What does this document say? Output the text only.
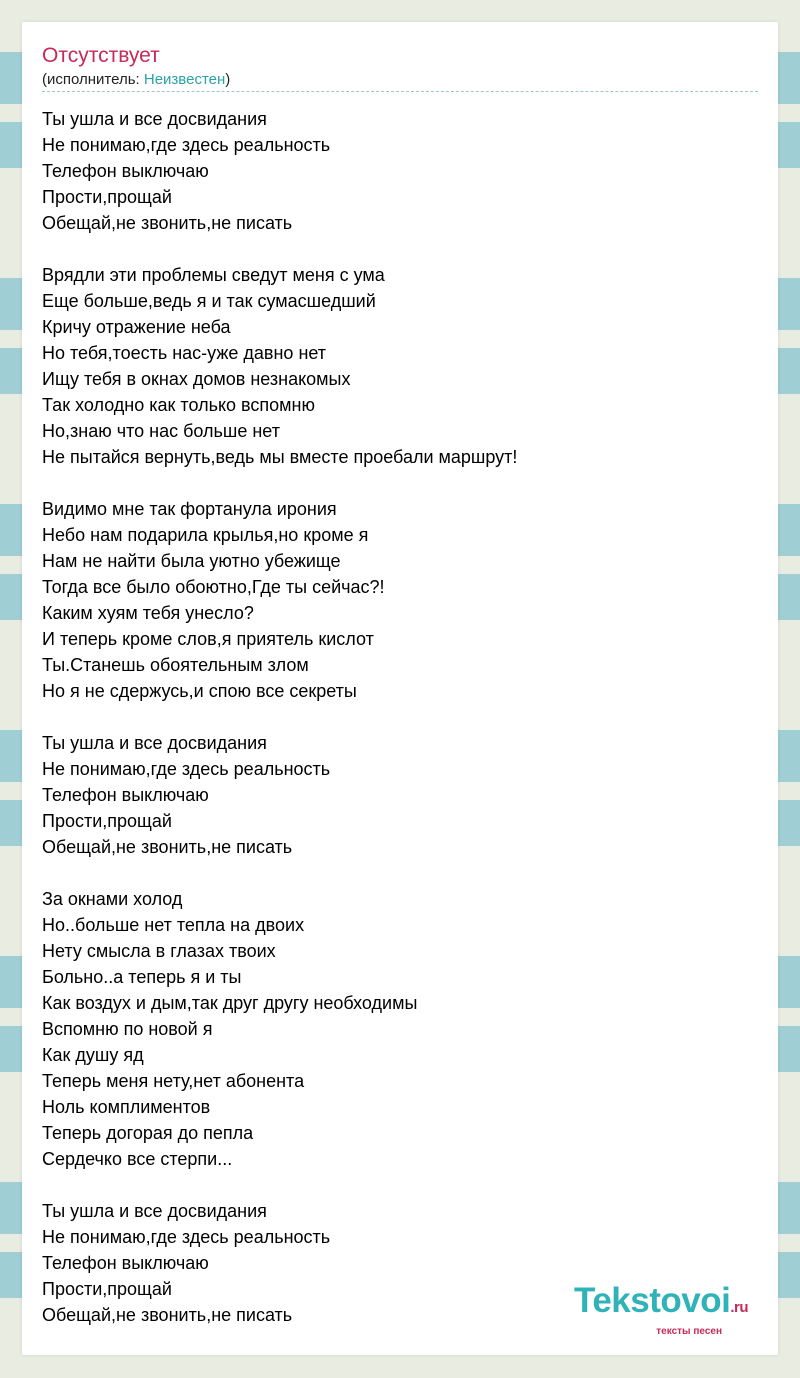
Отсутствует
(исполнитель: Неизвестен)
Ты ушла и все досвидания
Не понимаю,где здесь реальность
Телефон выключаю
Прости,прощай
Обещай,не звонить,не писать
Врядли эти проблемы сведут меня с ума
Еще больше,ведь я и так сумасшедший
Кричу отражение неба
Но тебя,тоесть нас-уже давно нет
Ищу тебя в окнах домов незнакомых
Так холодно как только вспомню
Но,знаю что нас больше нет
Не пытайся вернуть,ведь мы вместе проебали маршрут!
Видимо мне так фортанула ирония
Небо нам подарила крылья,но кроме я
Нам не найти была уютно убежище
Тогда все было обоютно,Где ты сейчас?!
Каким хуям тебя унесло?
И теперь кроме слов,я приятель кислот
Ты.Станешь обоятельным злом
Но я не сдержусь,и спою все секреты
Ты ушла и все досвидания
Не понимаю,где здесь реальность
Телефон выключаю
Прости,прощай
Обещай,не звонить,не писать
За окнами холод
Но..больше нет тепла на двоих
Нету смысла в глазах твоих
Больно..а теперь я и ты
Как воздух и дым,так друг другу необходимы
Вспомню по новой я
Как душу яд
Теперь меня нету,нет абонента
Ноль комплиментов
Теперь догорая до пепла
Сердечко все стерпи...
Ты ушла и все досвидания
Не понимаю,где здесь реальность
Телефон выключаю
Прости,прощай
Обещай,не звонить,не писать	Tekstovoi.ru
тексты песен
